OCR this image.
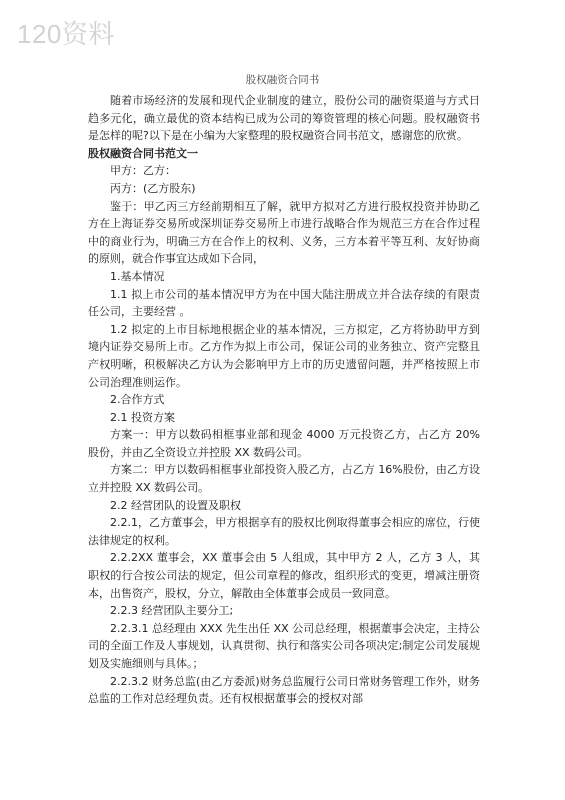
120资料
股权融资合同书

随着市场经济的发展和现代企业制度的建立，股份公司的融资渠道与方式日趋多元化，确立最优的资本结构已成为公司的筹资管理的核心问题。股权融资书是怎样的呢?以下是在小编为大家整理的股权融资合同书范文，感谢您的欣赏。

股权融资合同书范文一

甲方：乙方：

丙方：(乙方股东)

鉴于：甲乙丙三方经前期相互了解，就甲方拟对乙方进行股权投资并协助乙方在上海证券交易所或深圳证券交易所上市进行战略合作为规范三方在合作过程中的商业行为，明确三方在合作上的权利、义务，三方本着平等互利、友好协商的原则，就合作事宜达成如下合同，

1.基本情况

1.1 拟上市公司的基本情况甲方为在中国大陆注册成立并合法存续的有限责任公司，主要经营 。

1.2 拟定的上市目标地根据企业的基本情况，三方拟定，乙方将协助甲方到境内证券交易所上市。乙方作为拟上市公司，保证公司的业务独立、资产完整且产权明晰，积极解决乙方认为会影响甲方上市的历史遗留问题，并严格按照上市公司治理准则运作。

2.合作方式

2.1 投资方案

方案一：甲方以数码相框事业部和现金 4000 万元投资乙方，占乙方 20%股份，并由乙全资设立并控股 XX 数码公司。

方案二：甲方以数码相框事业部投资入股乙方，占乙方 16%股份，由乙方设立并控股 XX 数码公司。

2.2 经营团队的设置及职权

2.2.1，乙方董事会，甲方根据享有的股权比例取得董事会相应的席位，行使法律规定的权利。

2.2.2XX 董事会，XX 董事会由 5 人组成，其中甲方 2 人，乙方 3 人，其职权的行合按公司法的规定，但公司章程的修改，组织形式的变更，增减注册资本，出售资产，股权，分立，解散由全体董事会成员一致同意。

2.2.3 经营团队主要分工;

2.2.3.1 总经理由 XXX 先生出任 XX 公司总经理，根据董事会决定，主持公司的全面工作及人事规划，认真贯彻、执行和落实公司各项决定;制定公司发展规划及实施细则与具体。；

2.2.3.2 财务总监(由乙方委派)财务总监履行公司日常财务管理工作外，财务总监的工作对总经理负责。还有权根据董事会的授权对部
